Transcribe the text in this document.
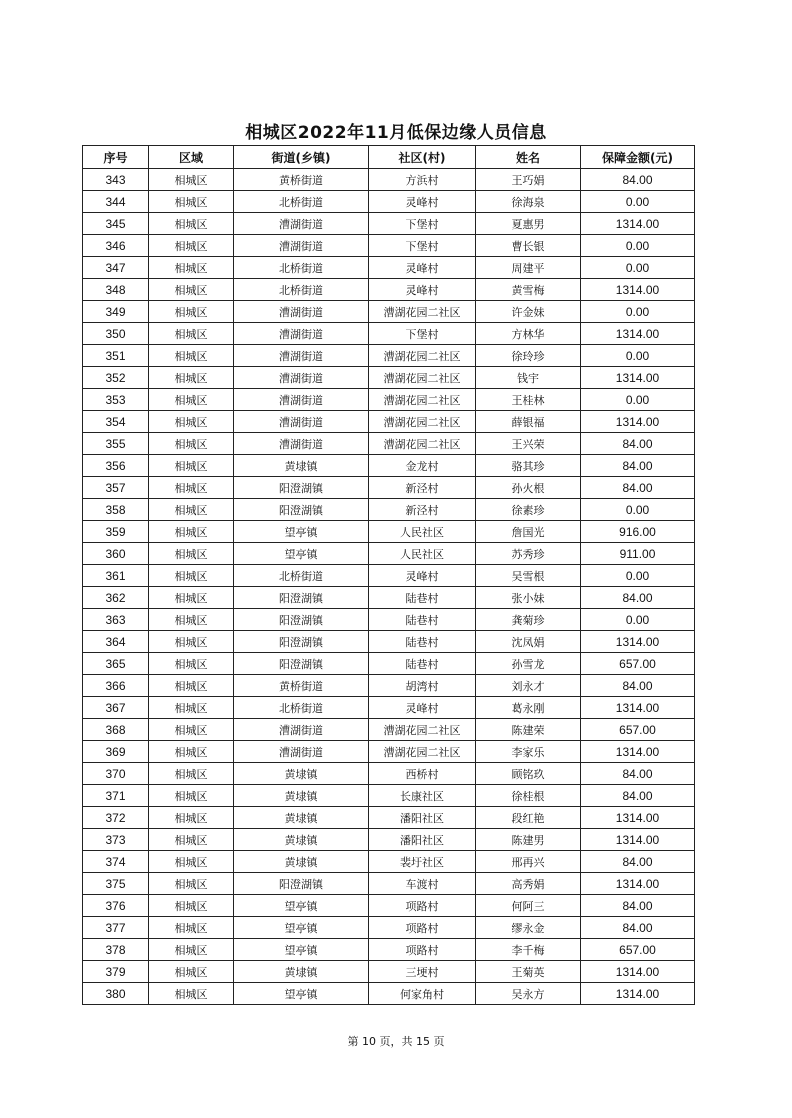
相城区2022年11月低保边缘人员信息
序号	区域	街道(乡镇)	社区(村)	姓名	保障金额(元)
343	相城区	黄桥街道	方浜村	王巧娟	84.00
344	相城区	北桥街道	灵峰村	徐海泉	0.00
345	相城区	漕湖街道	下堡村	夏惠男	1314.00
346	相城区	漕湖街道	下堡村	曹长银	0.00
347	相城区	北桥街道	灵峰村	周建平	0.00
348	相城区	北桥街道	灵峰村	黄雪梅	1314.00
349	相城区	漕湖街道	漕湖花园二社区	许金妹	0.00
350	相城区	漕湖街道	下堡村	方林华	1314.00
351	相城区	漕湖街道	漕湖花园二社区	徐玲珍	0.00
352	相城区	漕湖街道	漕湖花园二社区	钱宇	1314.00
353	相城区	漕湖街道	漕湖花园二社区	王桂林	0.00
354	相城区	漕湖街道	漕湖花园二社区	薛银福	1314.00
355	相城区	漕湖街道	漕湖花园二社区	王兴荣	84.00
356	相城区	黄埭镇	金龙村	骆其珍	84.00
357	相城区	阳澄湖镇	新泾村	孙火根	84.00
358	相城区	阳澄湖镇	新泾村	徐素珍	0.00
359	相城区	望亭镇	人民社区	詹国光	916.00
360	相城区	望亭镇	人民社区	苏秀珍	911.00
361	相城区	北桥街道	灵峰村	吴雪根	0.00
362	相城区	阳澄湖镇	陆巷村	张小妹	84.00
363	相城区	阳澄湖镇	陆巷村	龚菊珍	0.00
364	相城区	阳澄湖镇	陆巷村	沈凤娟	1314.00
365	相城区	阳澄湖镇	陆巷村	孙雪龙	657.00
366	相城区	黄桥街道	胡湾村	刘永才	84.00
367	相城区	北桥街道	灵峰村	葛永刚	1314.00
368	相城区	漕湖街道	漕湖花园二社区	陈建荣	657.00
369	相城区	漕湖街道	漕湖花园二社区	李家乐	1314.00
370	相城区	黄埭镇	西桥村	顾铭玖	84.00
371	相城区	黄埭镇	长康社区	徐桂根	84.00
372	相城区	黄埭镇	潘阳社区	段红艳	1314.00
373	相城区	黄埭镇	潘阳社区	陈建男	1314.00
374	相城区	黄埭镇	裴圩社区	邢再兴	84.00
375	相城区	阳澄湖镇	车渡村	高秀娟	1314.00
376	相城区	望亭镇	项路村	何阿三	84.00
377	相城区	望亭镇	项路村	缪永金	84.00
378	相城区	望亭镇	项路村	李千梅	657.00
379	相城区	黄埭镇	三埂村	王菊英	1314.00
380	相城区	望亭镇	何家角村	吴永方	1314.00
第 10 页，共 15 页
